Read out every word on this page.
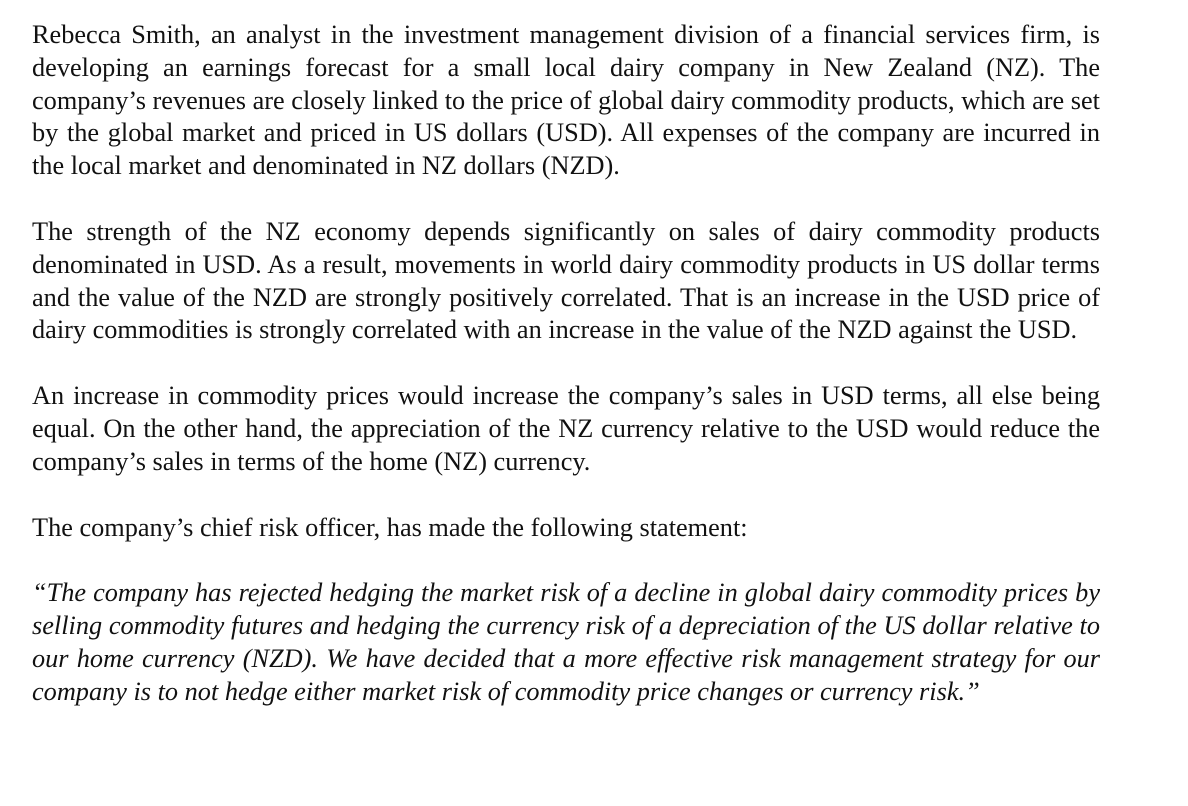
Rebecca Smith, an analyst in the investment management division of a financial services firm, is developing an earnings forecast for a small local dairy company in New Zealand (NZ). The company’s revenues are closely linked to the price of global dairy commodity products, which are set by the global market and priced in US dollars (USD). All expenses of the company are incurred in the local market and denominated in NZ dollars (NZD).

The strength of the NZ economy depends significantly on sales of dairy commodity products denominated in USD. As a result, movements in world dairy commodity products in US dollar terms and the value of the NZD are strongly positively correlated. That is an increase in the USD price of dairy commodities is strongly correlated with an increase in the value of the NZD against the USD.

An increase in commodity prices would increase the company’s sales in USD terms, all else being equal. On the other hand, the appreciation of the NZ currency relative to the USD would reduce the company’s sales in terms of the home (NZ) currency.

The company’s chief risk officer, has made the following statement:

“The company has rejected hedging the market risk of a decline in global dairy commodity prices by selling commodity futures and hedging the currency risk of a depreciation of the US dollar relative to our home currency (NZD). We have decided that a more effective risk management strategy for our company is to not hedge either market risk of commodity price changes or currency risk.”
